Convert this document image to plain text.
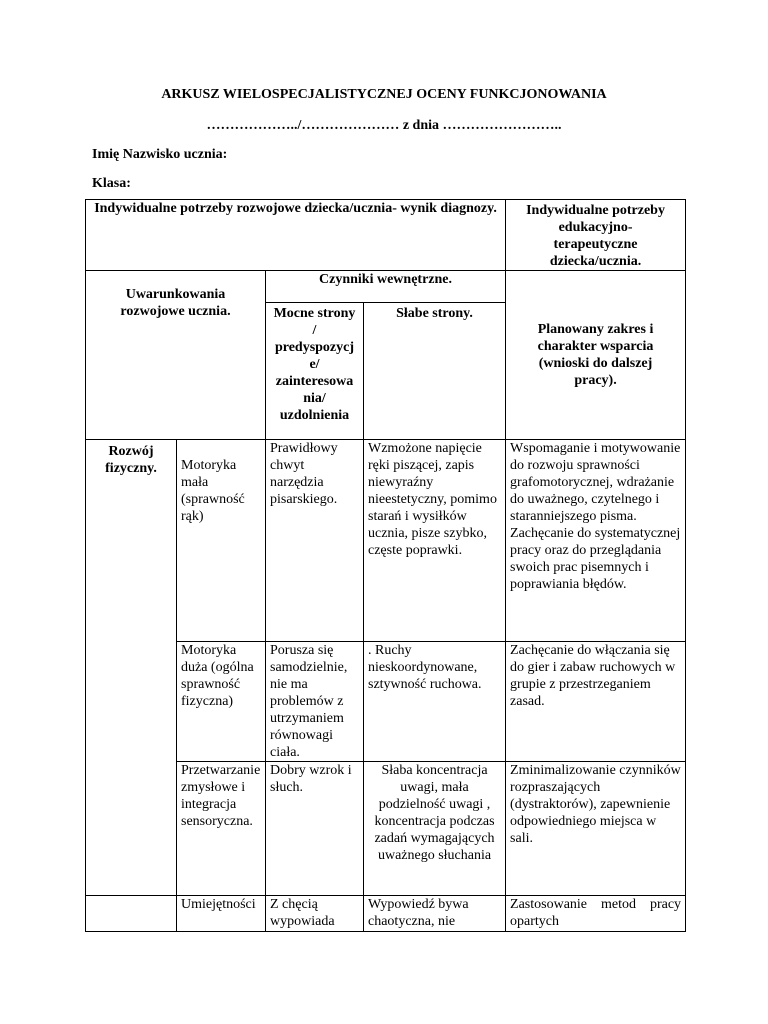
ARKUSZ WIELOSPECJALISTYCZNEJ OCENY FUNKCJONOWANIA
………………../………………… z dnia ……………………..
Imię Nazwisko ucznia:
Klasa:
Indywidualne potrzeby rozwojowe dziecka/ucznia- wynik diagnozy.				Indywidualne potrzeby edukacyjno-terapeutyczne dziecka/ucznia.
		Czynniki wewnętrzne.		Planowany zakres i charakter wsparcia (wnioski do dalszej pracy).

Uwarunkowania rozwojowe ucznia.		Mocne strony / predyspozycje/ zainteresowania/ uzdolnienia	Słabe strony.	

Rozwój fizyczny.	Motoryka mała (sprawność rąk)	Prawidłowy chwyt narzędzia pisarskiego.	Wzmożone napięcie ręki piszącej, zapis niewyraźny nieestetyczny, pomimo starań i wysiłków ucznia, pisze szybko, częste poprawki.	Wspomaganie i motywowanie do rozwoju sprawności grafomotorycznej, wdrażanie do uważnego, czytelnego i staranniejszego pisma. Zachęcanie do systematycznej pracy oraz do przeglądania swoich prac pisemnych i poprawiania błędów.
	Motoryka duża (ogólna sprawność fizyczna)	Porusza się samodzielnie, nie ma problemów z utrzymaniem równowagi ciała.	. Ruchy nieskoordynowane, sztywność ruchowa.	Zachęcanie do włączania się do gier i zabaw ruchowych w grupie z przestrzeganiem zasad.
	Przetwarzanie zmysłowe i integracja sensoryczna.	Dobry wzrok i słuch.	Słaba koncentracja uwagi, mała podzielność uwagi , koncentracja podczas zadań wymagających uważnego słuchania	Zminimalizowanie czynników rozpraszających (dystraktorów), zapewnienie odpowiedniego miejsca w sali.
	Umiejętności	Z chęcią wypowiada	Wypowiedź bywa chaotyczna, nie	Zastosowanie metod pracy opartych
